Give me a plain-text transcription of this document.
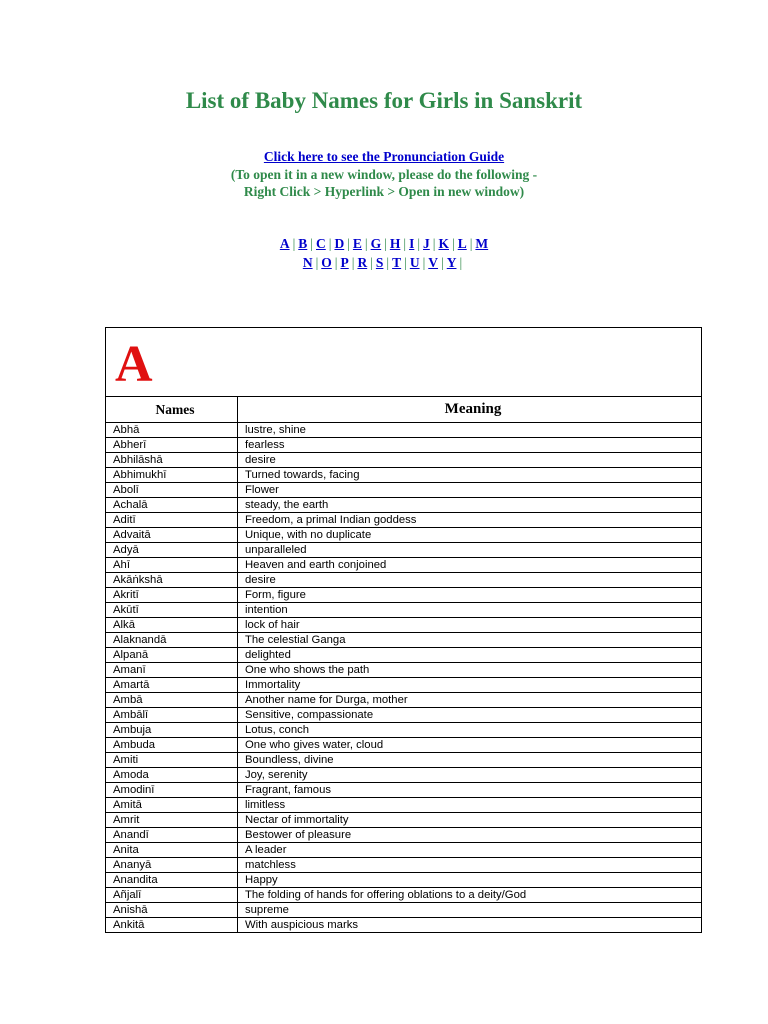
List of Baby Names for Girls in Sanskrit
Click here to see the Pronunciation Guide
(To open it in a new window, please do the following -
Right Click > Hyperlink > Open in new window)
A | B | C | D | E | G | H | I | J | K | L | M
N | O | P | R | S | T | U | V | Y |
A	

Names	Meaning
Abhā	lustre, shine
Abherī	fearless
Abhilāshā	desire
Abhimukhī	Turned towards, facing
Abolī	Flower
Achalā	steady, the earth
Aditī	Freedom, a primal Indian goddess
Advaitā	Unique, with no duplicate
Adyā	unparalleled
Ahī	Heaven and earth conjoined
Akāṅkshā	desire
Akritī	Form, figure
Akūtī	intention
Alkā	lock of hair
Alaknandā	The celestial Ganga
Alpanā	delighted
Amanī	One who shows the path
Amartā	Immortality
Ambā	Another name for Durga, mother
Ambālī	Sensitive, compassionate
Ambuja	Lotus, conch
Ambuda	One who gives water, cloud
Amiti	Boundless, divine
Amoda	Joy, serenity
Amodinī	Fragrant, famous
Amitā	limitless
Amrit	Nectar of immortality
Anandī	Bestower of pleasure
Anita	A leader
Ananyā	matchless
Anandita	Happy
Añjalī	The folding of hands for offering oblations to a deity/God
Anishā	supreme
Ankitā	With auspicious marks
